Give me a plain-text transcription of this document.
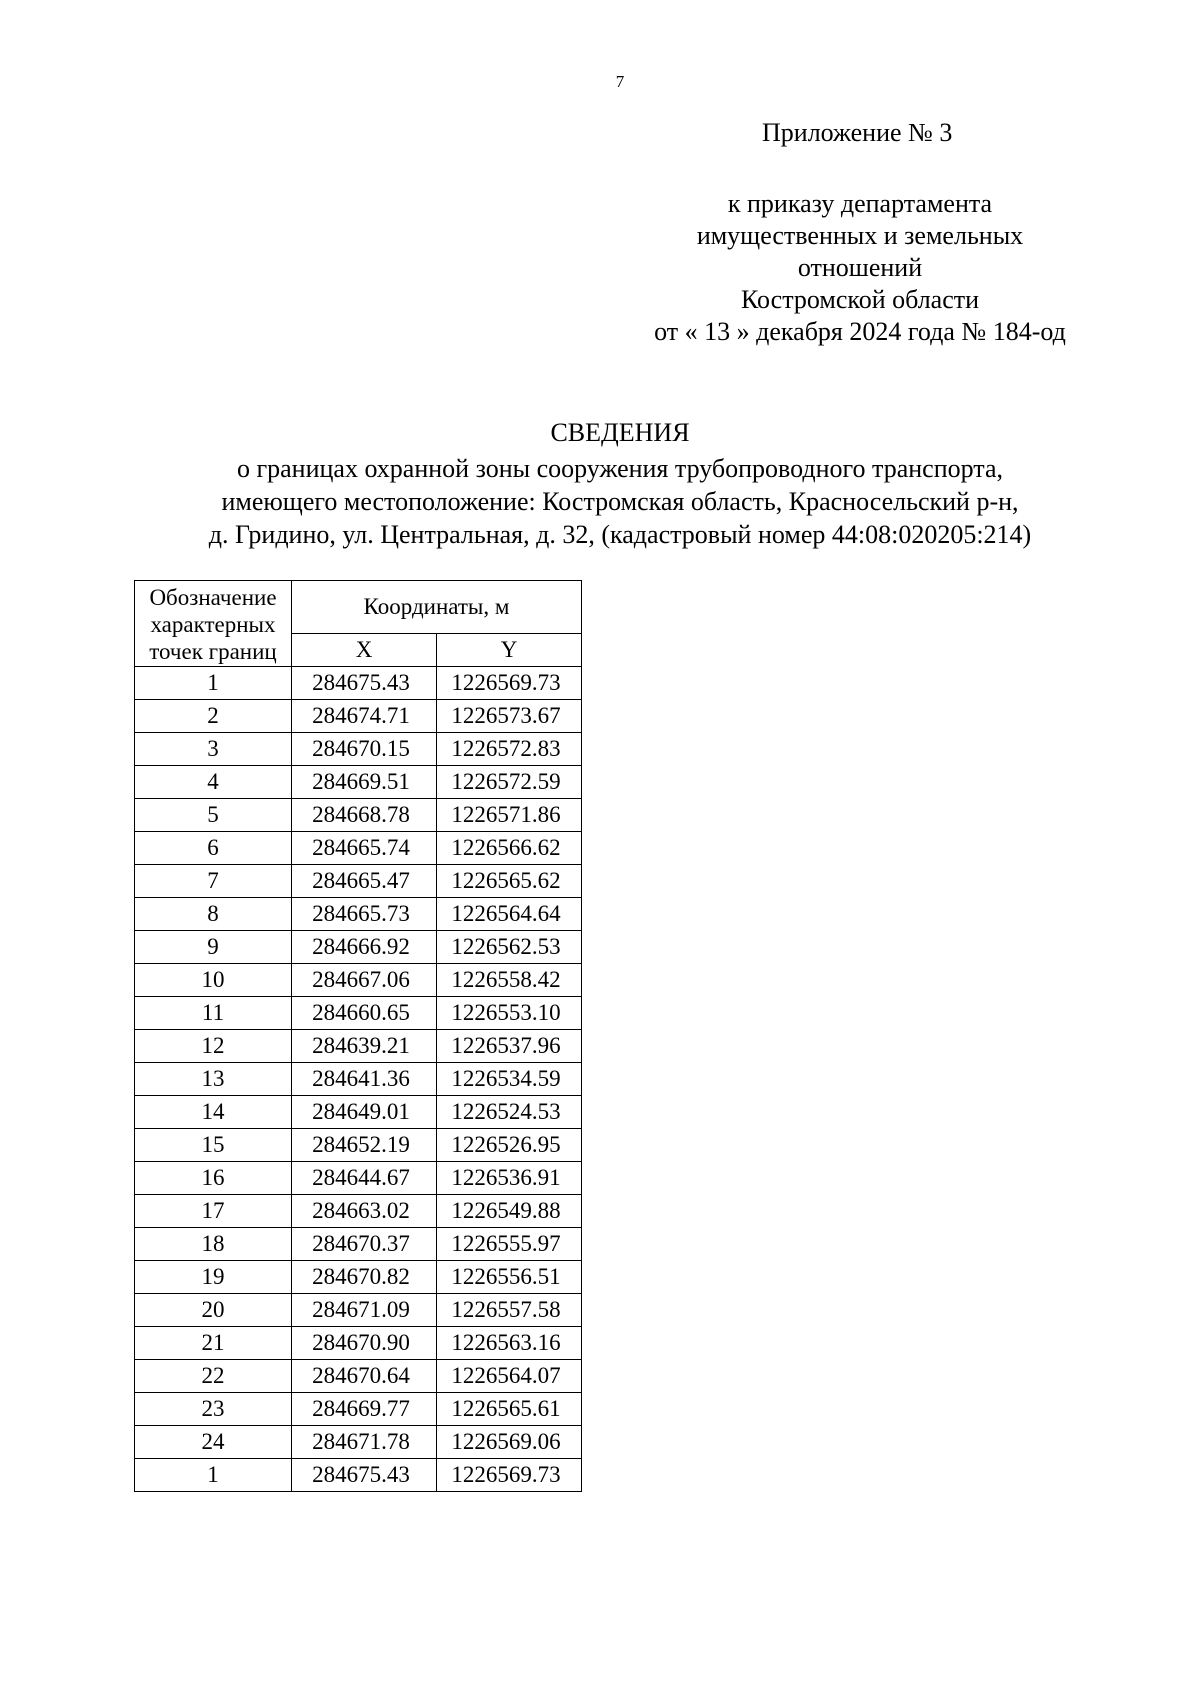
7
Приложение № 3
к приказу департамента
имущественных и земельных
отношений
Костромской области
от « 13 » декабря 2024 года № 184-од
СВЕДЕНИЯ
о границах охранной зоны сооружения трубопроводного транспорта,
имеющего местоположение: Костромская область, Красносельский р-н,
д. Гридино, ул. Центральная, д. 32, (кадастровый номер 44:08:020205:214)
Обозначение
характерных
точек границ	Координаты, м	
	X	Y
1	284675.43	1226569.73
2	284674.71	1226573.67
3	284670.15	1226572.83
4	284669.51	1226572.59
5	284668.78	1226571.86
6	284665.74	1226566.62
7	284665.47	1226565.62
8	284665.73	1226564.64
9	284666.92	1226562.53
10	284667.06	1226558.42
11	284660.65	1226553.10
12	284639.21	1226537.96
13	284641.36	1226534.59
14	284649.01	1226524.53
15	284652.19	1226526.95
16	284644.67	1226536.91
17	284663.02	1226549.88
18	284670.37	1226555.97
19	284670.82	1226556.51
20	284671.09	1226557.58
21	284670.90	1226563.16
22	284670.64	1226564.07
23	284669.77	1226565.61
24	284671.78	1226569.06
1	284675.43	1226569.73
